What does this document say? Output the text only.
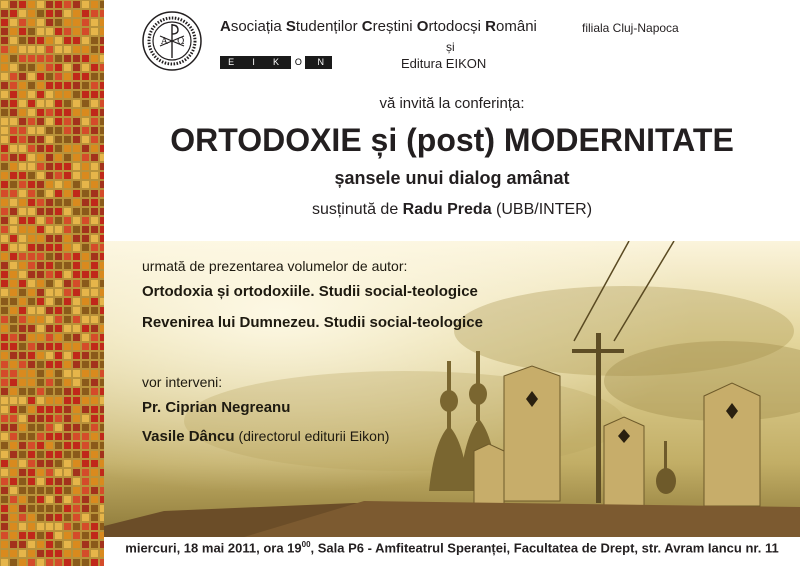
A Ω
Asociația Studenților Creștini Ortodocși Români	filiala Cluj-Napoca
și
E	I	K	O	N	Editura EIKON
vă invită la conferința:
ORTODOXIE și (post) MODERNITATE
șansele unui dialog amânat
susținută de Radu Preda (UBB/INTER)
urmată de prezentarea volumelor de autor:
Ortodoxia și ortodoxiile. Studii social-teologice
Revenirea lui Dumnezeu. Studii social-teologice
vor interveni:
Pr. Ciprian Negreanu
Vasile Dâncu (directorul editurii Eikon)
miercuri, 18 mai 2011, ora $19^{00}$, Sala P6 - Amfiteatrul Speranței, Facultatea de Drept, str. Avram Iancu nr. 11
